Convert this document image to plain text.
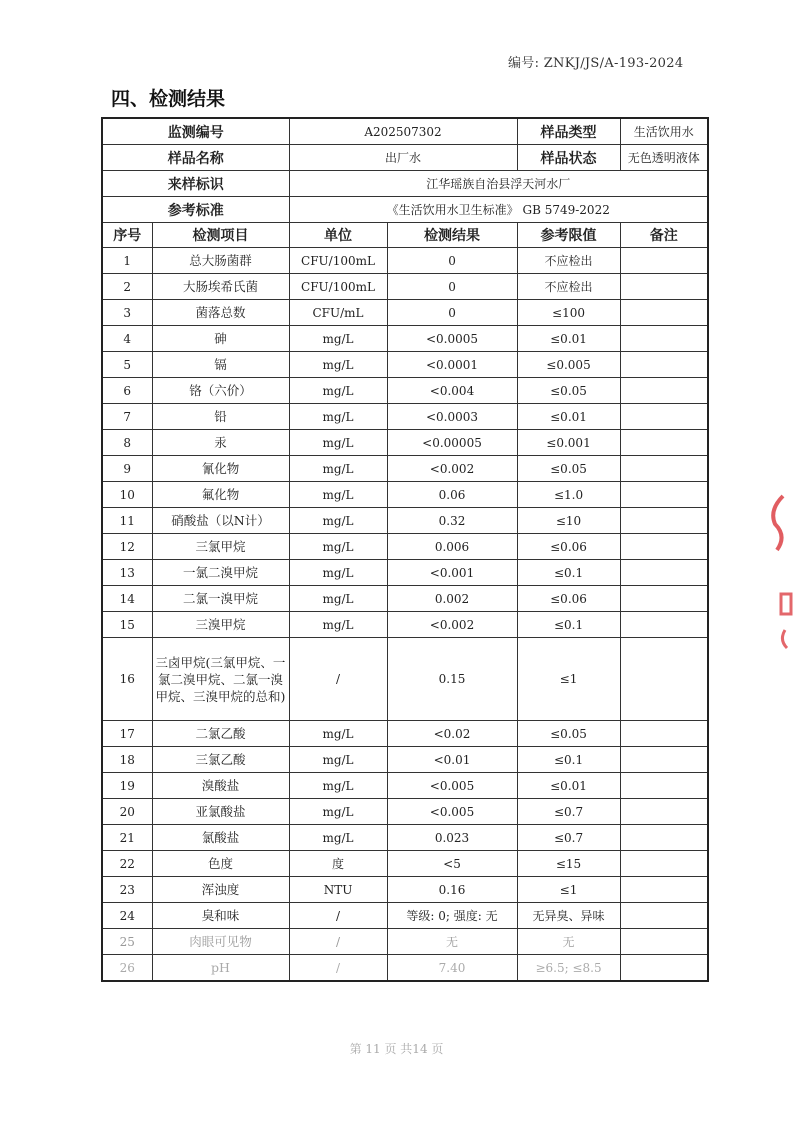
编号: ZNKJ/JS/A-193-2024
四、检测结果
监测编号		A202507302		样品类型	生活饮用水
样品名称		出厂水		样品状态	无色透明液体
来样标识		江华瑶族自治县浮天河水厂			
参考标准		《生活饮用水卫生标准》 GB 5749-2022			
序号	检测项目	单位	检测结果	参考限值	备注
1	总大肠菌群	CFU/100mL	0	不应检出	
2	大肠埃希氏菌	CFU/100mL	0	不应检出	
3	菌落总数	CFU/mL	0	≤100	
4	砷	mg/L	<0.0005	≤0.01	
5	镉	mg/L	<0.0001	≤0.005	
6	铬（六价）	mg/L	<0.004	≤0.05	
7	铅	mg/L	<0.0003	≤0.01	
8	汞	mg/L	<0.00005	≤0.001	
9	氰化物	mg/L	<0.002	≤0.05	
10	氟化物	mg/L	0.06	≤1.0	
11	硝酸盐（以N计）	mg/L	0.32	≤10	
12	三氯甲烷	mg/L	0.006	≤0.06	
13	一氯二溴甲烷	mg/L	<0.001	≤0.1	
14	二氯一溴甲烷	mg/L	0.002	≤0.06	
15	三溴甲烷	mg/L	<0.002	≤0.1	
16	三卤甲烷(三氯甲烷、一氯二溴甲烷、二氯一溴甲烷、三溴甲烷的总和)	/	0.15	≤1	
17	二氯乙酸	mg/L	<0.02	≤0.05	
18	三氯乙酸	mg/L	<0.01	≤0.1	
19	溴酸盐	mg/L	<0.005	≤0.01	
20	亚氯酸盐	mg/L	<0.005	≤0.7	
21	氯酸盐	mg/L	0.023	≤0.7	
22	色度	度	<5	≤15	
23	浑浊度	NTU	0.16	≤1	
24	臭和味	/	等级: 0; 强度: 无	无异臭、异味	
25	肉眼可见物	/	无	无	
26	pH	/	7.40	≥6.5; ≤8.5	
第 11 页 共14 页
